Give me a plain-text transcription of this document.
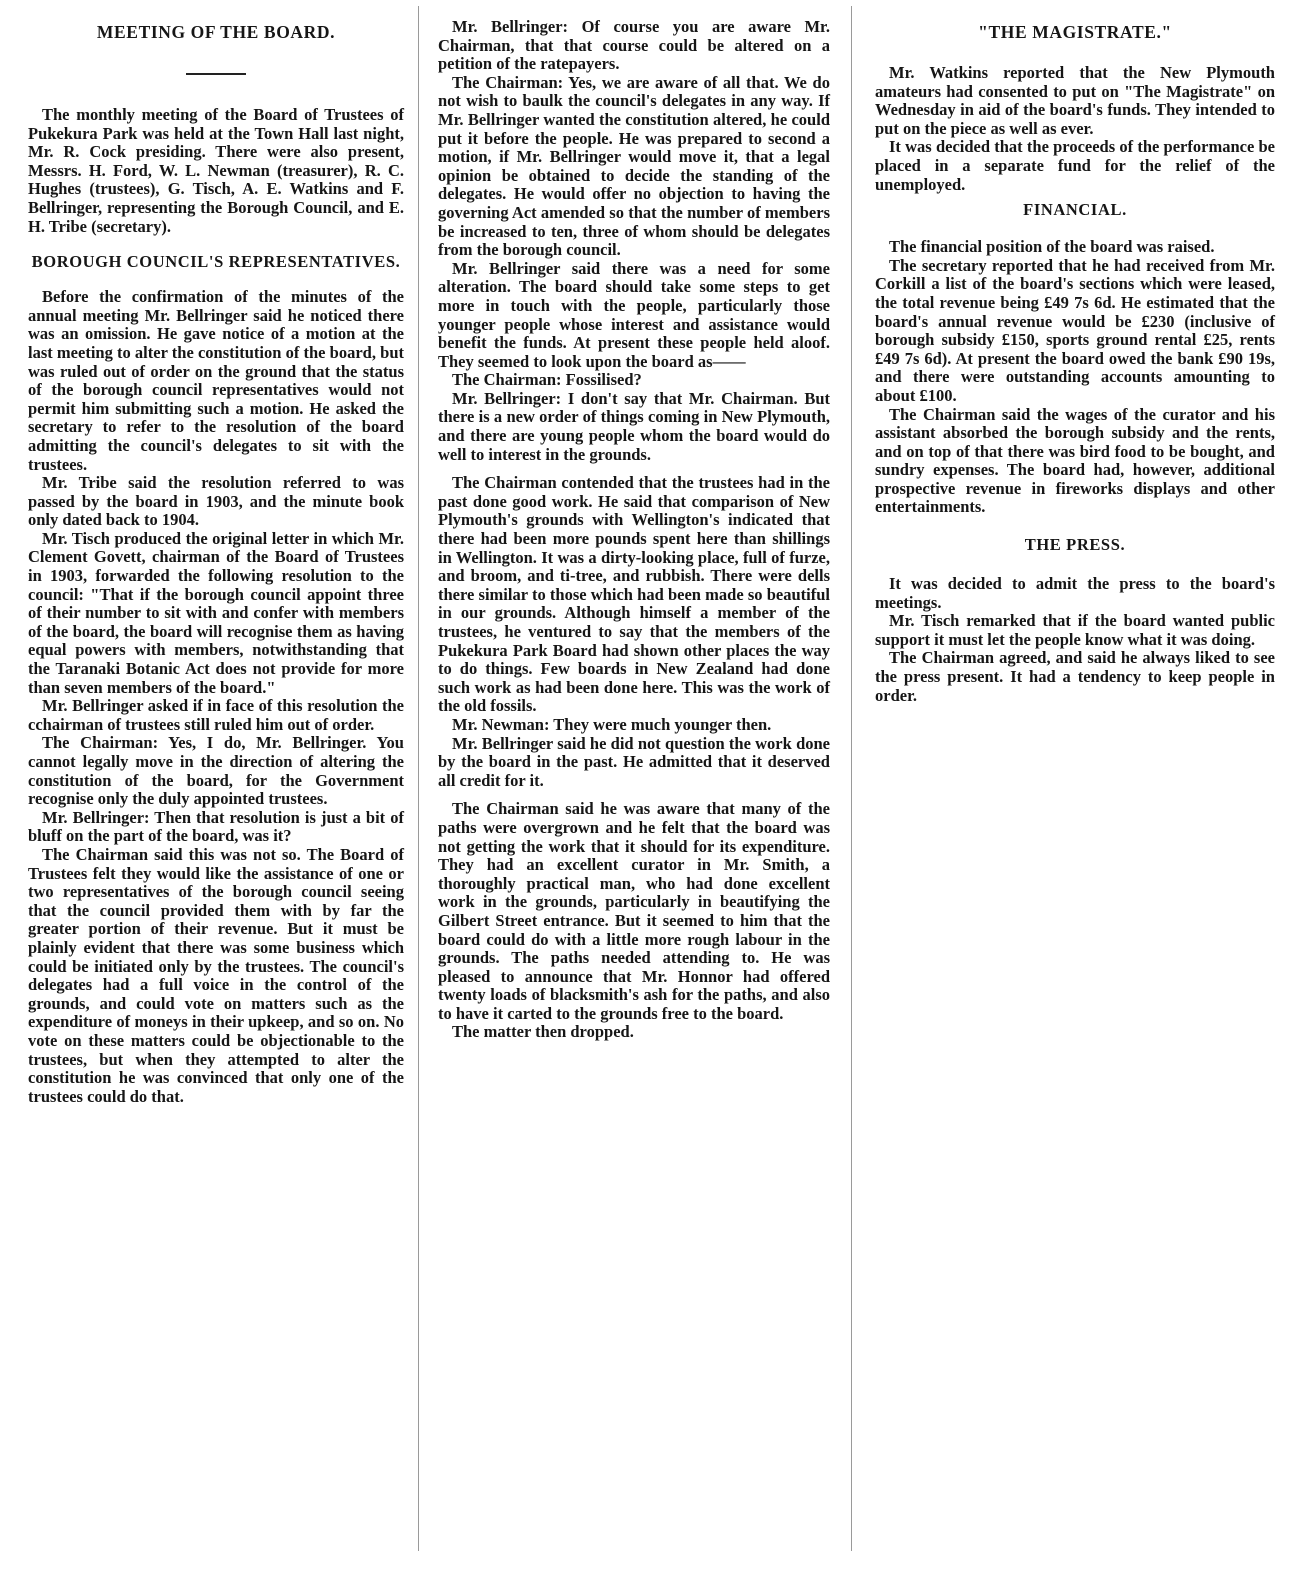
MEETING OF THE BOARD.

The monthly meeting of the Board of Trustees of Pukekura Park was held at the Town Hall last night, Mr. R. Cock presiding. There were also present, Messrs. H. Ford, W. L. Newman (treasurer), R. C. Hughes (trustees), G. Tisch, A. E. Watkins and F. Bellringer, representing the Borough Council, and E. H. Tribe (secretary).

BOROUGH COUNCIL'S REPRESENTATIVES.

Before the confirmation of the minutes of the annual meeting Mr. Bellringer said he noticed there was an omission. He gave notice of a motion at the last meeting to alter the constitution of the board, but was ruled out of order on the ground that the status of the borough council representatives would not permit him submitting such a motion. He asked the secretary to refer to the resolution of the board admitting the council's delegates to sit with the trustees.

Mr. Tribe said the resolution referred to was passed by the board in 1903, and the minute book only dated back to 1904.

Mr. Tisch produced the original letter in which Mr. Clement Govett, chairman of the Board of Trustees in 1903, forwarded the following resolution to the council: "That if the borough council appoint three of their number to sit with and confer with members of the board, the board will recognise them as having equal powers with members, notwithstanding that the Taranaki Botanic Act does not provide for more than seven members of the board."

Mr. Bellringer asked if in face of this resolution the cchairman of trustees still ruled him out of order.

The Chairman: Yes, I do, Mr. Bellringer. You cannot legally move in the direction of altering the constitution of the board, for the Government recognise only the duly appointed trustees.

Mr. Bellringer: Then that resolution is just a bit of bluff on the part of the board, was it?

The Chairman said this was not so. The Board of Trustees felt they would like the assistance of one or two representatives of the borough council seeing that the council provided them with by far the greater portion of their revenue. But it must be plainly evident that there was some business which could be initiated only by the trustees. The council's delegates had a full voice in the control of the grounds, and could vote on matters such as the expenditure of moneys in their upkeep, and so on. No vote on these matters could be objectionable to the trustees, but when they attempted to alter the constitution he was convinced that only one of the trustees could do that.

Mr. Bellringer: Of course you are aware Mr. Chairman, that that course could be altered on a petition of the ratepayers.

The Chairman: Yes, we are aware of all that. We do not wish to baulk the council's delegates in any way. If Mr. Bellringer wanted the constitution altered, he could put it before the people. He was prepared to second a motion, if Mr. Bellringer would move it, that a legal opinion be obtained to decide the standing of the delegates. He would offer no objection to having the governing Act amended so that the number of members be increased to ten, three of whom should be delegates from the borough council.

Mr. Bellringer said there was a need for some alteration. The board should take some steps to get more in touch with the people, particularly those younger people whose interest and assistance would benefit the funds. At present these people held aloof. They seemed to look upon the board as——

The Chairman: Fossilised?

Mr. Bellringer: I don't say that Mr. Chairman. But there is a new order of things coming in New Plymouth, and there are young people whom the board would do well to interest in the grounds.

The Chairman contended that the trustees had in the past done good work. He said that comparison of New Plymouth's grounds with Wellington's indicated that there had been more pounds spent here than shillings in Wellington. It was a dirty-looking place, full of furze, and broom, and ti-tree, and rubbish. There were dells there similar to those which had been made so beautiful in our grounds. Although himself a member of the trustees, he ventured to say that the members of the Pukekura Park Board had shown other places the way to do things. Few boards in New Zealand had done such work as had been done here. This was the work of the old fossils.

Mr. Newman: They were much younger then.

Mr. Bellringer said he did not question the work done by the board in the past. He admitted that it deserved all credit for it.

The Chairman said he was aware that many of the paths were overgrown and he felt that the board was not getting the work that it should for its expenditure. They had an excellent curator in Mr. Smith, a thoroughly practical man, who had done excellent work in the grounds, particularly in beautifying the Gilbert Street entrance. But it seemed to him that the board could do with a little more rough labour in the grounds. The paths needed attending to. He was pleased to announce that Mr. Honnor had offered twenty loads of blacksmith's ash for the paths, and also to have it carted to the grounds free to the board.

The matter then dropped.

"THE MAGISTRATE."

Mr. Watkins reported that the New Plymouth amateurs had consented to put on "The Magistrate" on Wednesday in aid of the board's funds. They intended to put on the piece as well as ever.

It was decided that the proceeds of the performance be placed in a separate fund for the relief of the unemployed.

FINANCIAL.

The financial position of the board was raised.

The secretary reported that he had received from Mr. Corkill a list of the board's sections which were leased, the total revenue being £49 7s 6d. He estimated that the board's annual revenue would be £230 (inclusive of borough subsidy £150, sports ground rental £25, rents £49 7s 6d). At present the board owed the bank £90 19s, and there were outstanding accounts amounting to about £100.

The Chairman said the wages of the curator and his assistant absorbed the borough subsidy and the rents, and on top of that there was bird food to be bought, and sundry expenses. The board had, however, additional prospective revenue in fireworks displays and other entertainments.

THE PRESS.

It was decided to admit the press to the board's meetings.

Mr. Tisch remarked that if the board wanted public support it must let the people know what it was doing.

The Chairman agreed, and said he always liked to see the press present. It had a tendency to keep people in order.
